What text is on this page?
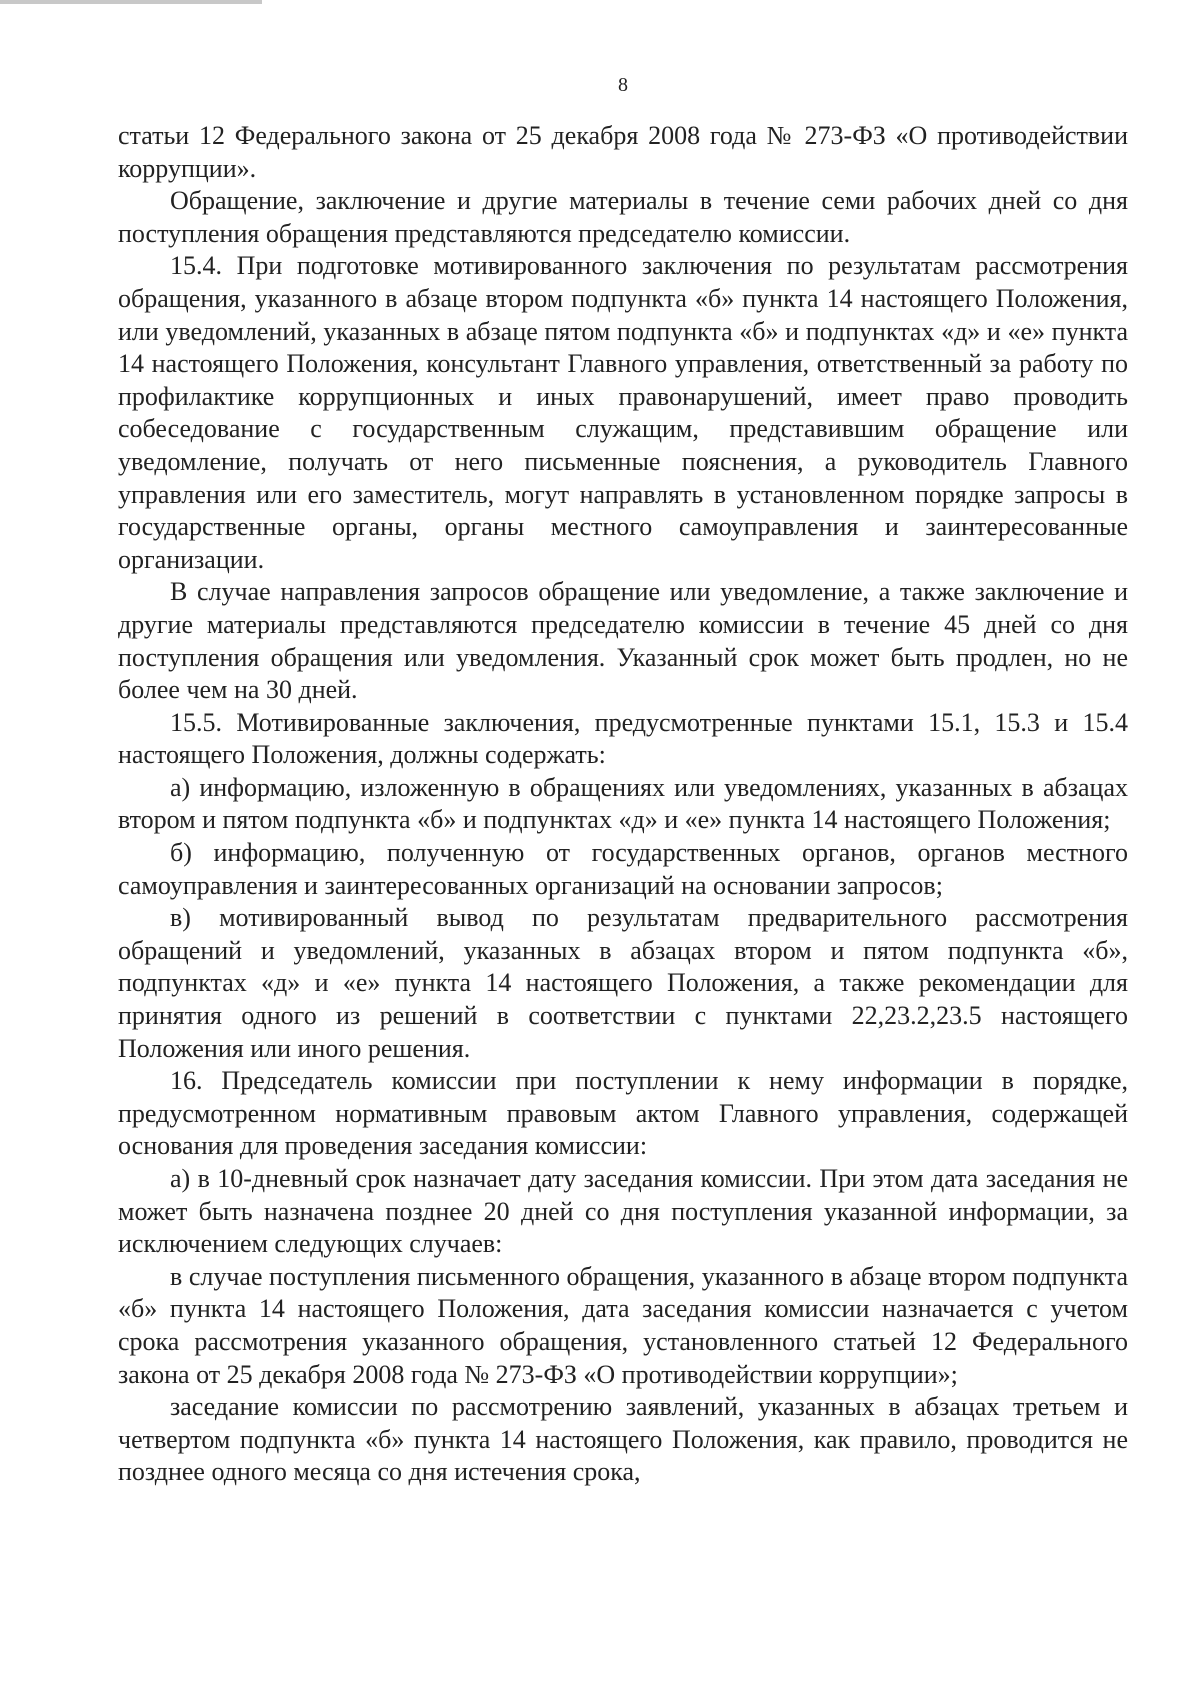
8

статьи 12 Федерального закона от 25 декабря 2008 года № 273-ФЗ «О противодействии коррупции».

Обращение, заключение и другие материалы в течение семи рабочих дней со дня поступления обращения представляются председателю комиссии.

15.4. При подготовке мотивированного заключения по результатам рассмотрения обращения, указанного в абзаце втором подпункта «б» пункта 14 настоящего Положения, или уведомлений, указанных в абзаце пятом подпункта «б» и подпунктах «д» и «е» пункта 14 настоящего Положения, консультант Главного управления, ответственный за работу по профилактике коррупционных и иных правонарушений, имеет право проводить собеседование с государственным служащим, представившим обращение или уведомление, получать от него письменные пояснения, а руководитель Главного управления или его заместитель, могут направлять в установленном порядке запросы в государственные органы, органы местного самоуправления и заинтересованные организации.

В случае направления запросов обращение или уведомление, а также заключение и другие материалы представляются председателю комиссии в течение 45 дней со дня поступления обращения или уведомления. Указанный срок может быть продлен, но не более чем на 30 дней.

15.5. Мотивированные заключения, предусмотренные пунктами 15.1, 15.3 и 15.4 настоящего Положения, должны содержать:

а) информацию, изложенную в обращениях или уведомлениях, указанных в абзацах втором и пятом подпункта «б» и подпунктах «д» и «е» пункта 14 настоящего Положения;

б) информацию, полученную от государственных органов, органов местного самоуправления и заинтересованных организаций на основании запросов;

в) мотивированный вывод по результатам предварительного рассмотрения обращений и уведомлений, указанных в абзацах втором и пятом подпункта «б», подпунктах «д» и «е» пункта 14 настоящего Положения, а также рекомендации для принятия одного из решений в соответствии с пунктами 22,23.2,23.5 настоящего Положения или иного решения.

16. Председатель комиссии при поступлении к нему информации в порядке, предусмотренном нормативным правовым актом Главного управления, содержащей основания для проведения заседания комиссии:

а) в 10-дневный срок назначает дату заседания комиссии. При этом дата заседания не может быть назначена позднее 20 дней со дня поступления указанной информации, за исключением следующих случаев:

в случае поступления письменного обращения, указанного в абзаце втором подпункта «б» пункта 14 настоящего Положения, дата заседания комиссии назначается с учетом срока рассмотрения указанного обращения, установленного статьей 12 Федерального закона от 25 декабря 2008 года № 273-ФЗ «О противодействии коррупции»;

заседание комиссии по рассмотрению заявлений, указанных в абзацах третьем и четвертом подпункта «б» пункта 14 настоящего Положения, как правило, проводится не позднее одного месяца со дня истечения срока,
